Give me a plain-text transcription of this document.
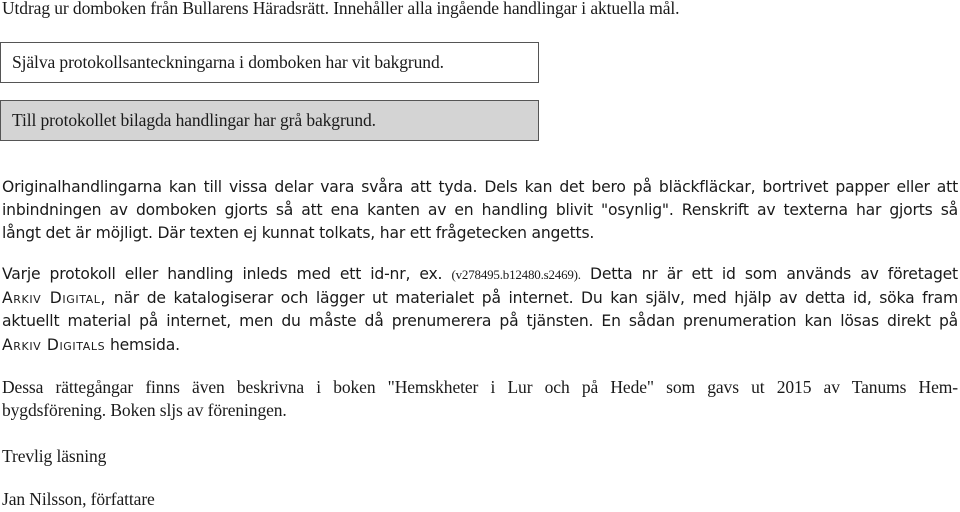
Utdrag ur domboken från Bullarens Häradsrätt. Innehåller alla ingående handlingar i aktuella mål.
Själva protokollsanteckningarna i domboken har vit bakgrund.
Till protokollet bilagda handlingar har grå bakgrund.
Originalhandlingarna kan till vissa delar vara svåra att tyda. Dels kan det bero på bläckfläckar, bortrivet papper eller att
inbindningen av domboken gjorts så att ena kanten av en handling blivit "osynlig". Renskrift av texterna har gjorts så
långt det är möjligt. Där texten ej kunnat tolkats, har ett frågetecken angetts.
Varje protokoll eller handling inleds med ett id-nr, ex. (v278495.b12480.s2469). Detta nr är ett id som används av företaget
Arkiv Digital, när de katalogiserar och lägger ut materialet på internet. Du kan själv, med hjälp av detta id, söka fram
aktuellt material på internet, men du måste då prenumerera på tjänsten. En sådan prenumeration kan lösas direkt på
Arkiv Digitals hemsida.
Dessa rättegångar finns även beskrivna i boken "Hemskheter i Lur och på Hede" som gavs ut 2015 av Tanums Hem-
bygdsförening. Boken sljs av föreningen.
Trevlig läsning
Jan Nilsson, författare
